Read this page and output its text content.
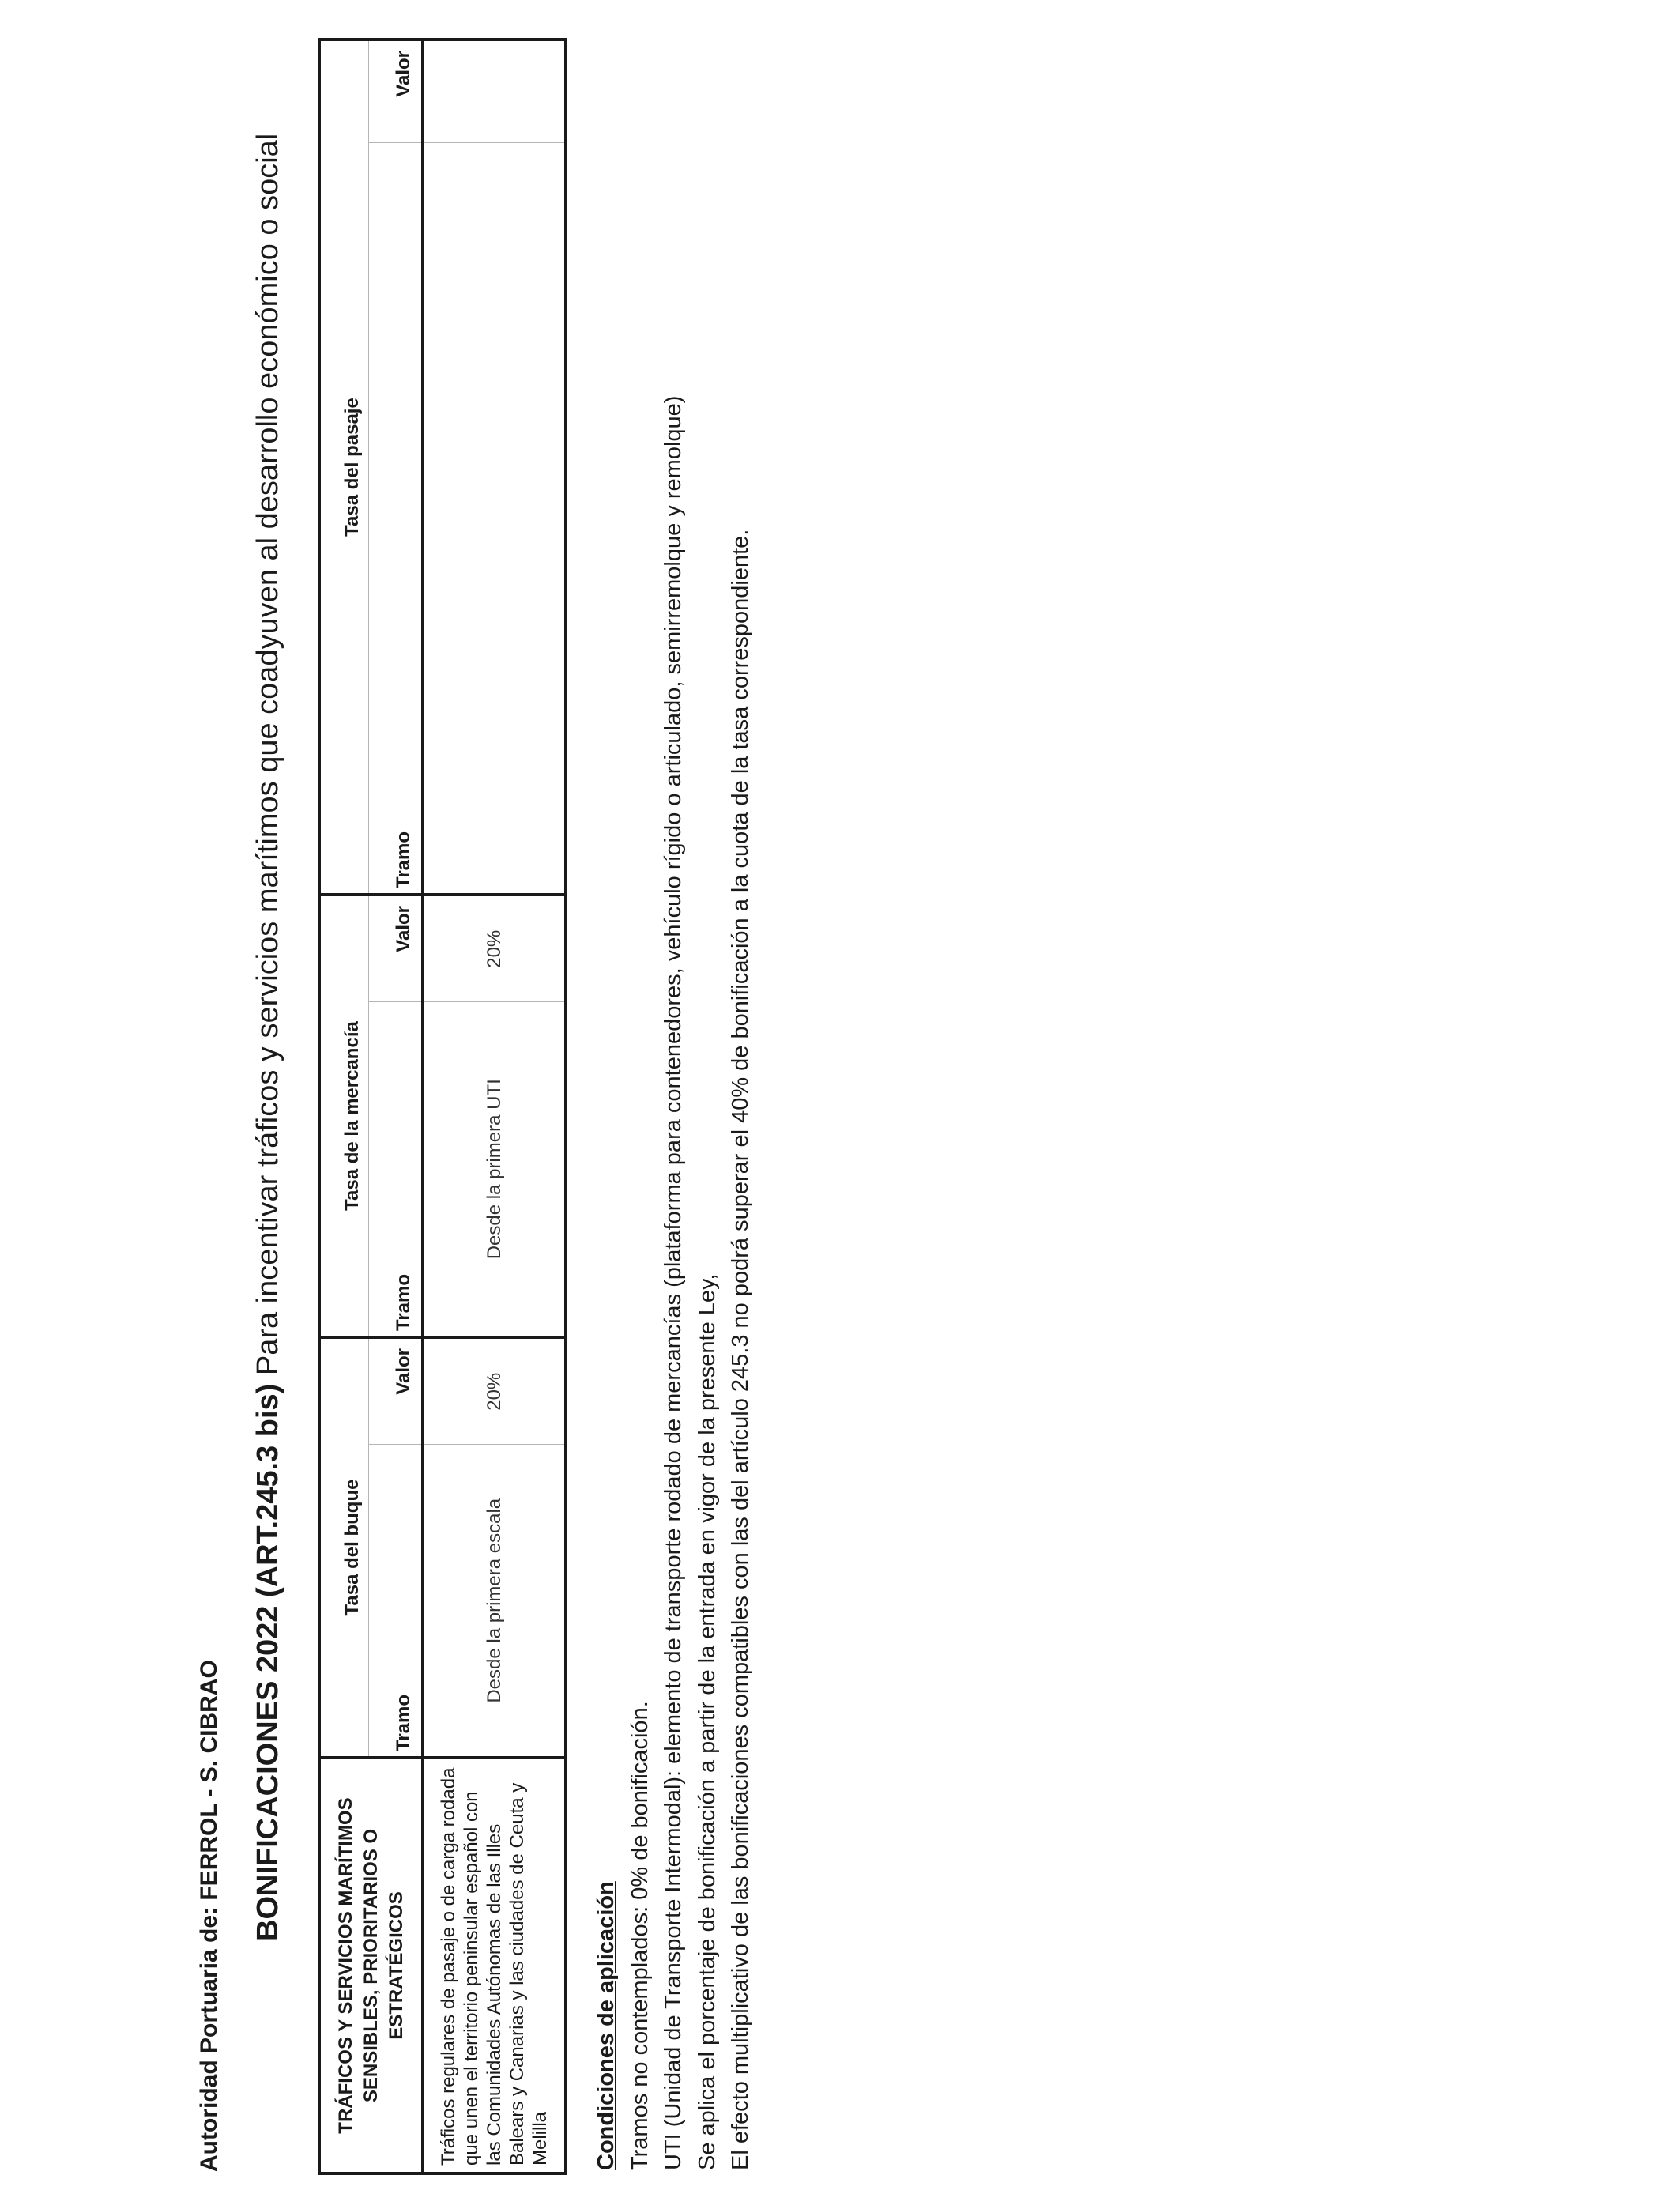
Autoridad Portuaria de: FERROL - S. CIBRAO BONIFICACIONES 2022 (ART.245.3 bis) Para incentivar tráficos y servicios marítimos que coadyuven al desarrollo económico o social
TRÁFICOS Y SERVICIOS MARÍTIMOS SENSIBLES, PRIORITARIOS O ESTRATÉGICOS	Tasa del buque		Tasa de la mercancía		Tasa del pasaje	
	Tramo	Valor	Tramo	Valor	Tramo	Valor
Tráficos regulares de pasaje o de carga rodada que unen el territorio peninsular español con las Comunidades Autónomas de las Illes Balears y Canarias y las ciudades de Ceuta y Melilla	Desde la primera escala	20%	Desde la primera UTI	20%		
Condiciones de aplicación Tramos no contemplados: 0% de bonificación. UTI (Unidad de Transporte Intermodal): elemento de transporte rodado de mercancías (plataforma para contenedores, vehículo rígido o articulado, semirremolque y remolque) Se aplica el porcentaje de bonificación a partir de la entrada en vigor de la presente Ley, El efecto multiplicativo de las bonificaciones compatibles con las del artículo 245.3 no podrá superar el 40% de bonificación a la cuota de la tasa correspondiente.
